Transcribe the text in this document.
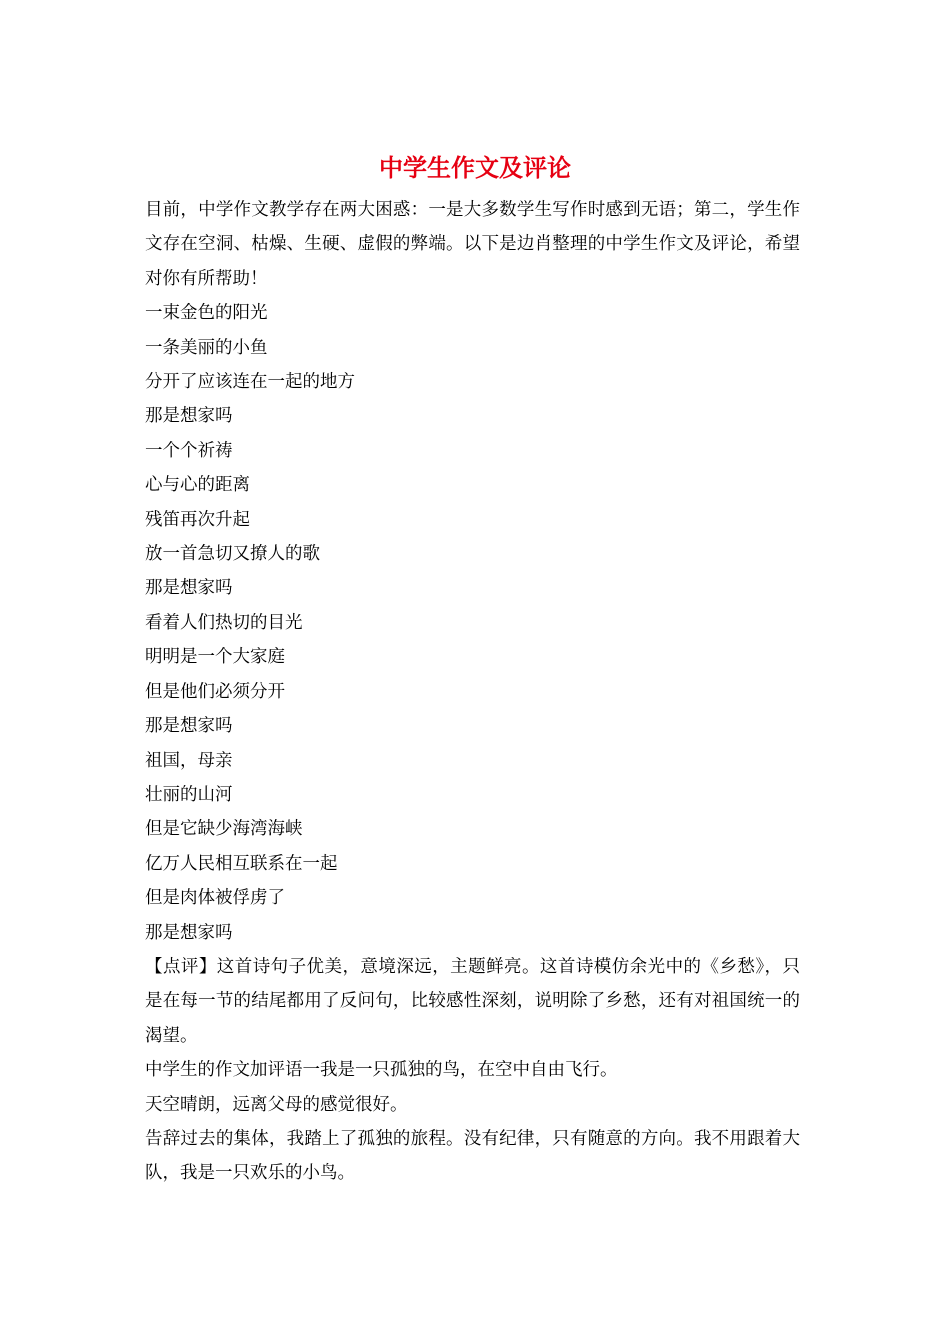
中学生作文及评论

目前，中学作文教学存在两大困惑：一是大多数学生写作时感到无语；第二，学生作文存在空洞、枯燥、生硬、虚假的弊端。以下是边肖整理的中学生作文及评论，希望对你有所帮助！

一束金色的阳光

一条美丽的小鱼

分开了应该连在一起的地方

那是想家吗

一个个祈祷

心与心的距离

残笛再次升起

放一首急切又撩人的歌

那是想家吗

看着人们热切的目光

明明是一个大家庭

但是他们必须分开

那是想家吗

祖国，母亲

壮丽的山河

但是它缺少海湾海峡

亿万人民相互联系在一起

但是肉体被俘虏了

那是想家吗

【点评】这首诗句子优美，意境深远，主题鲜亮。这首诗模仿余光中的《乡愁》，只是在每一节的结尾都用了反问句，比较感性深刻，说明除了乡愁，还有对祖国统一的渴望。

中学生的作文加评语一我是一只孤独的鸟，在空中自由飞行。

天空晴朗，远离父母的感觉很好。

告辞过去的集体，我踏上了孤独的旅程。没有纪律，只有随意的方向。我不用跟着大队，我是一只欢乐的小鸟。
